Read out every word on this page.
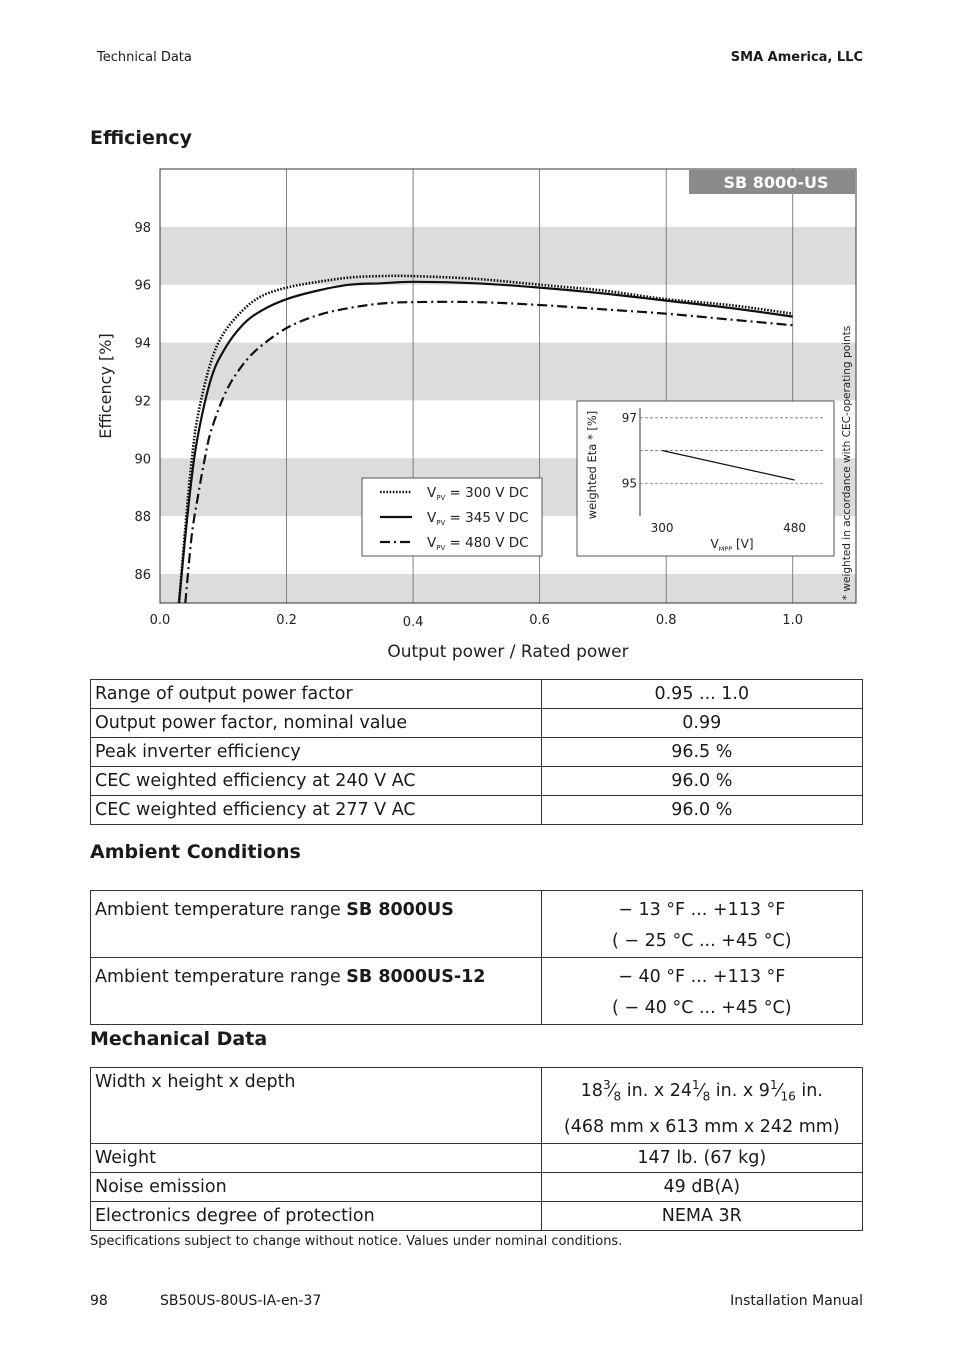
Technical Data	SMA America, LLC
Efficiency
86
88
90
92
94
96
98
0.0	0.2	0.4	0.6	0.8	1.0
SB 8000-US
Efficency [%]
Output power / Rated power
* weighted in accordance with CEC-operating points
$V_{PV} = 300$ V DC
$V_{PV} = 345$ V DC
$V_{PV} = 480$ V DC
97
95
300	480
$V_{MPP}$ [V]
weighted Eta * [%]
Range of output power factor	0.95 ... 1.0
Output power factor, nominal value	0.99
Peak inverter efficiency	96.5 %
CEC weighted efficiency at 240 V AC	96.0 %
CEC weighted efficiency at 277 V AC	96.0 %
Ambient Conditions
Ambient temperature range SB 8000US	− 13 °F ... +113 °F
( − 25 °C ... +45 °C)
Ambient temperature range SB 8000US-12	− 40 °F ... +113 °F
( − 40 °C ... +45 °C)
Mechanical Data
Width x height x depth	$18^3⁄_8$ in. x $24^1⁄_8$ in. x $9^1⁄_{16}$ in.
(468 mm x 613 mm x 242 mm)
Weight	147 lb. (67 kg)
Noise emission	49 dB(A)
Electronics degree of protection	NEMA 3R
Specifications subject to change without notice. Values under nominal conditions.
98	SB50US-80US-IA-en-37	Installation Manual
